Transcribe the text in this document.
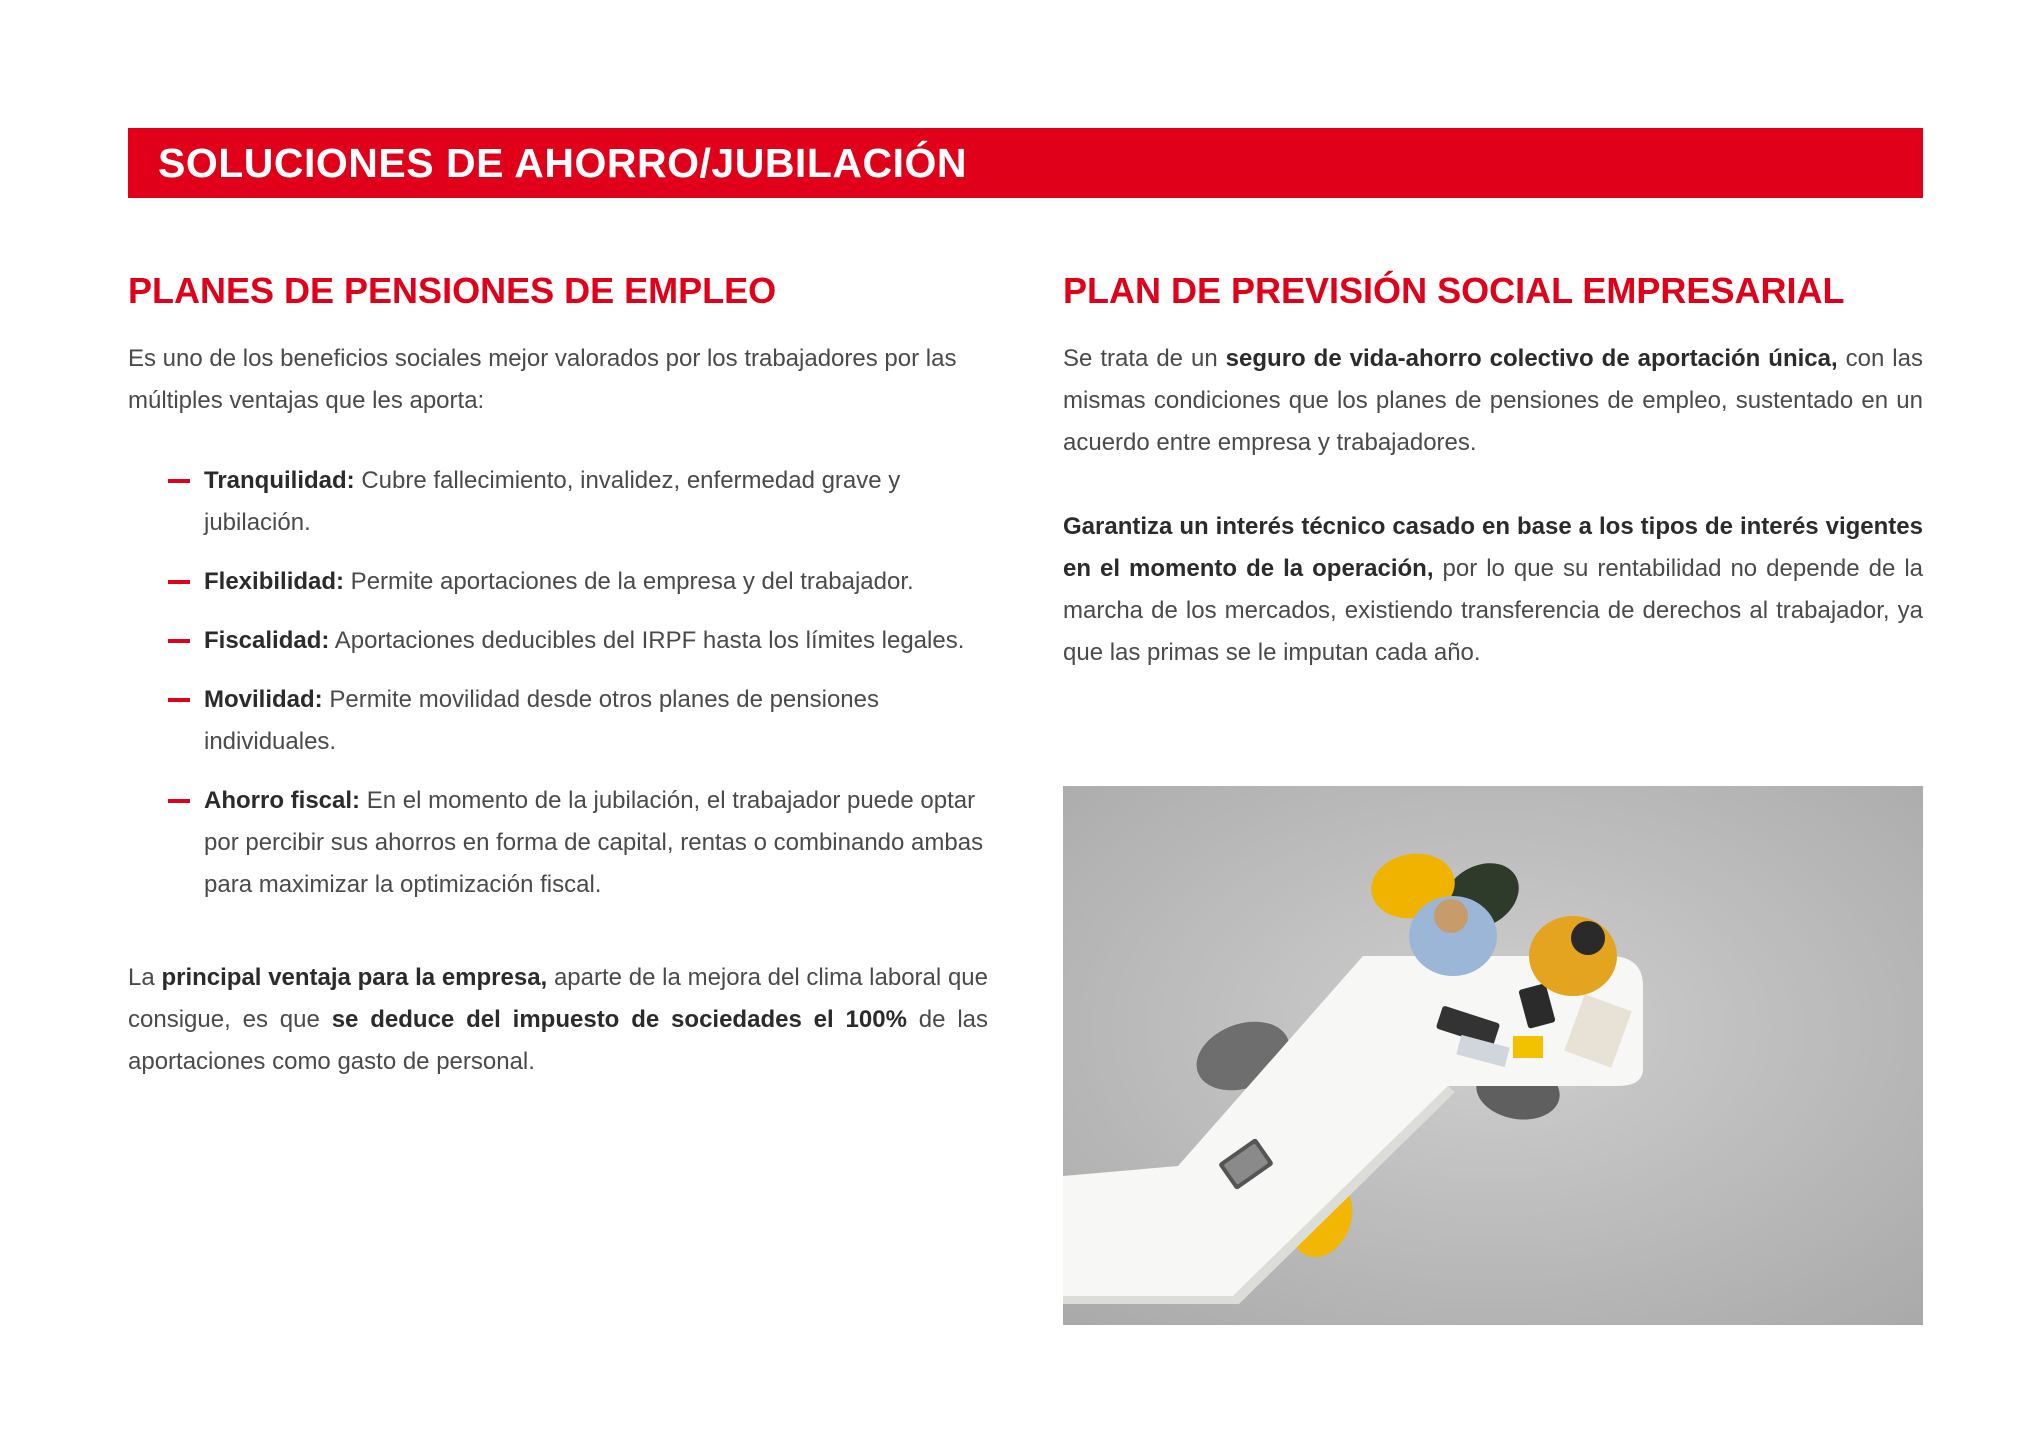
SOLUCIONES DE AHORRO/JUBILACIÓN
PLANES DE PENSIONES DE EMPLEO

Es uno de los beneficios sociales mejor valorados por los trabajadores por las múltiples ventajas que les aporta:

Tranquilidad: Cubre fallecimiento, invalidez, enfermedad grave y jubilación.
Flexibilidad: Permite aportaciones de la empresa y del trabajador.
Fiscalidad: Aportaciones deducibles del IRPF hasta los límites legales.
Movilidad: Permite movilidad desde otros planes de pensiones individuales.
Ahorro fiscal: En el momento de la jubilación, el trabajador puede optar por percibir sus ahorros en forma de capital, rentas o combinando ambas para maximizar la optimización fiscal.

La principal ventaja para la empresa, aparte de la mejora del clima laboral que consigue, es que se deduce del impuesto de sociedades el 100% de las aportaciones como gasto de personal.

PLAN DE PREVISIÓN SOCIAL EMPRESARIAL

Se trata de un seguro de vida-ahorro colectivo de aportación única, con las mismas condiciones que los planes de pensiones de empleo, sustentado en un acuerdo entre empresa y trabajadores.

Garantiza un interés técnico casado en base a los tipos de interés vigentes en el momento de la operación, por lo que su rentabilidad no depende de la marcha de los mercados, existiendo transferencia de derechos al trabajador, ya que las primas se le imputan cada año.
